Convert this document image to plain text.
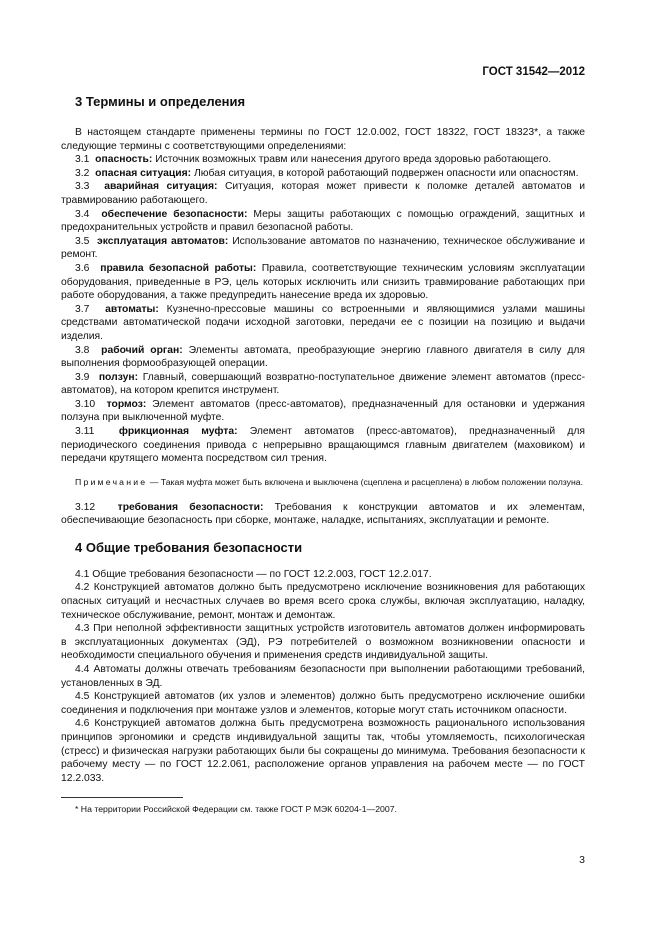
ГОСТ 31542—2012
3 Термины и определения

В настоящем стандарте применены термины по ГОСТ 12.0.002, ГОСТ 18322, ГОСТ 18323*, а также следующие термины с соответствующими определениями:

3.1 опасность: Источник возможных травм или нанесения другого вреда здоровью работающего.

3.2 опасная ситуация: Любая ситуация, в которой работающий подвержен опасности или опасностям.

3.3 аварийная ситуация: Ситуация, которая может привести к поломке деталей автоматов и травмированию работающего.

3.4 обеспечение безопасности: Меры защиты работающих с помощью ограждений, защитных и предохранительных устройств и правил безопасной работы.

3.5 эксплуатация автоматов: Использование автоматов по назначению, техническое обслуживание и ремонт.

3.6 правила безопасной работы: Правила, соответствующие техническим условиям эксплуатации оборудования, приведенные в РЭ, цель которых исключить или снизить травмирование работающих при работе оборудования, а также предупредить нанесение вреда их здоровью.

3.7 автоматы: Кузнечно-прессовые машины со встроенными и являющимися узлами машины средствами автоматической подачи исходной заготовки, передачи ее с позиции на позицию и выдачи изделия.

3.8 рабочий орган: Элементы автомата, преобразующие энергию главного двигателя в силу для выполнения формообразующей операции.

3.9 ползун: Главный, совершающий возвратно-поступательное движение элемент автоматов (пресс-автоматов), на котором крепится инструмент.

3.10 тормоз: Элемент автоматов (пресс-автоматов), предназначенный для остановки и удержания ползуна при выключенной муфте.

3.11 фрикционная муфта: Элемент автоматов (пресс-автоматов), предназначенный для периодического соединения привода с непрерывно вращающимся главным двигателем (маховиком) и передачи крутящего момента посредством сил трения.

Примечание — Такая муфта может быть включена и выключена (сцеплена и расцеплена) в любом положении ползуна.

3.12 требования безопасности: Требования к конструкции автоматов и их элементам, обеспечивающие безопасность при сборке, монтаже, наладке, испытаниях, эксплуатации и ремонте.

4 Общие требования безопасности

4.1 Общие требования безопасности — по ГОСТ 12.2.003, ГОСТ 12.2.017.

4.2 Конструкцией автоматов должно быть предусмотрено исключение возникновения для работающих опасных ситуаций и несчастных случаев во время всего срока службы, включая эксплуатацию, наладку, техническое обслуживание, ремонт, монтаж и демонтаж.

4.3 При неполной эффективности защитных устройств изготовитель автоматов должен информировать в эксплуатационных документах (ЭД), РЭ потребителей о возможном возникновении опасности и необходимости специального обучения и применения средств индивидуальной защиты.

4.4 Автоматы должны отвечать требованиям безопасности при выполнении работающими требований, установленных в ЭД.

4.5 Конструкцией автоматов (их узлов и элементов) должно быть предусмотрено исключение ошибки соединения и подключения при монтаже узлов и элементов, которые могут стать источником опасности.

4.6 Конструкцией автоматов должна быть предусмотрена возможность рационального использования принципов эргономики и средств индивидуальной защиты так, чтобы утомляемость, психологическая (стресс) и физическая нагрузки работающих были бы сокращены до минимума. Требования безопасности к рабочему месту — по ГОСТ 12.2.061, расположение органов управления на рабочем месте — по ГОСТ 12.2.033.

* На территории Российской Федерации см. также ГОСТ Р МЭК 60204-1—2007.
3
